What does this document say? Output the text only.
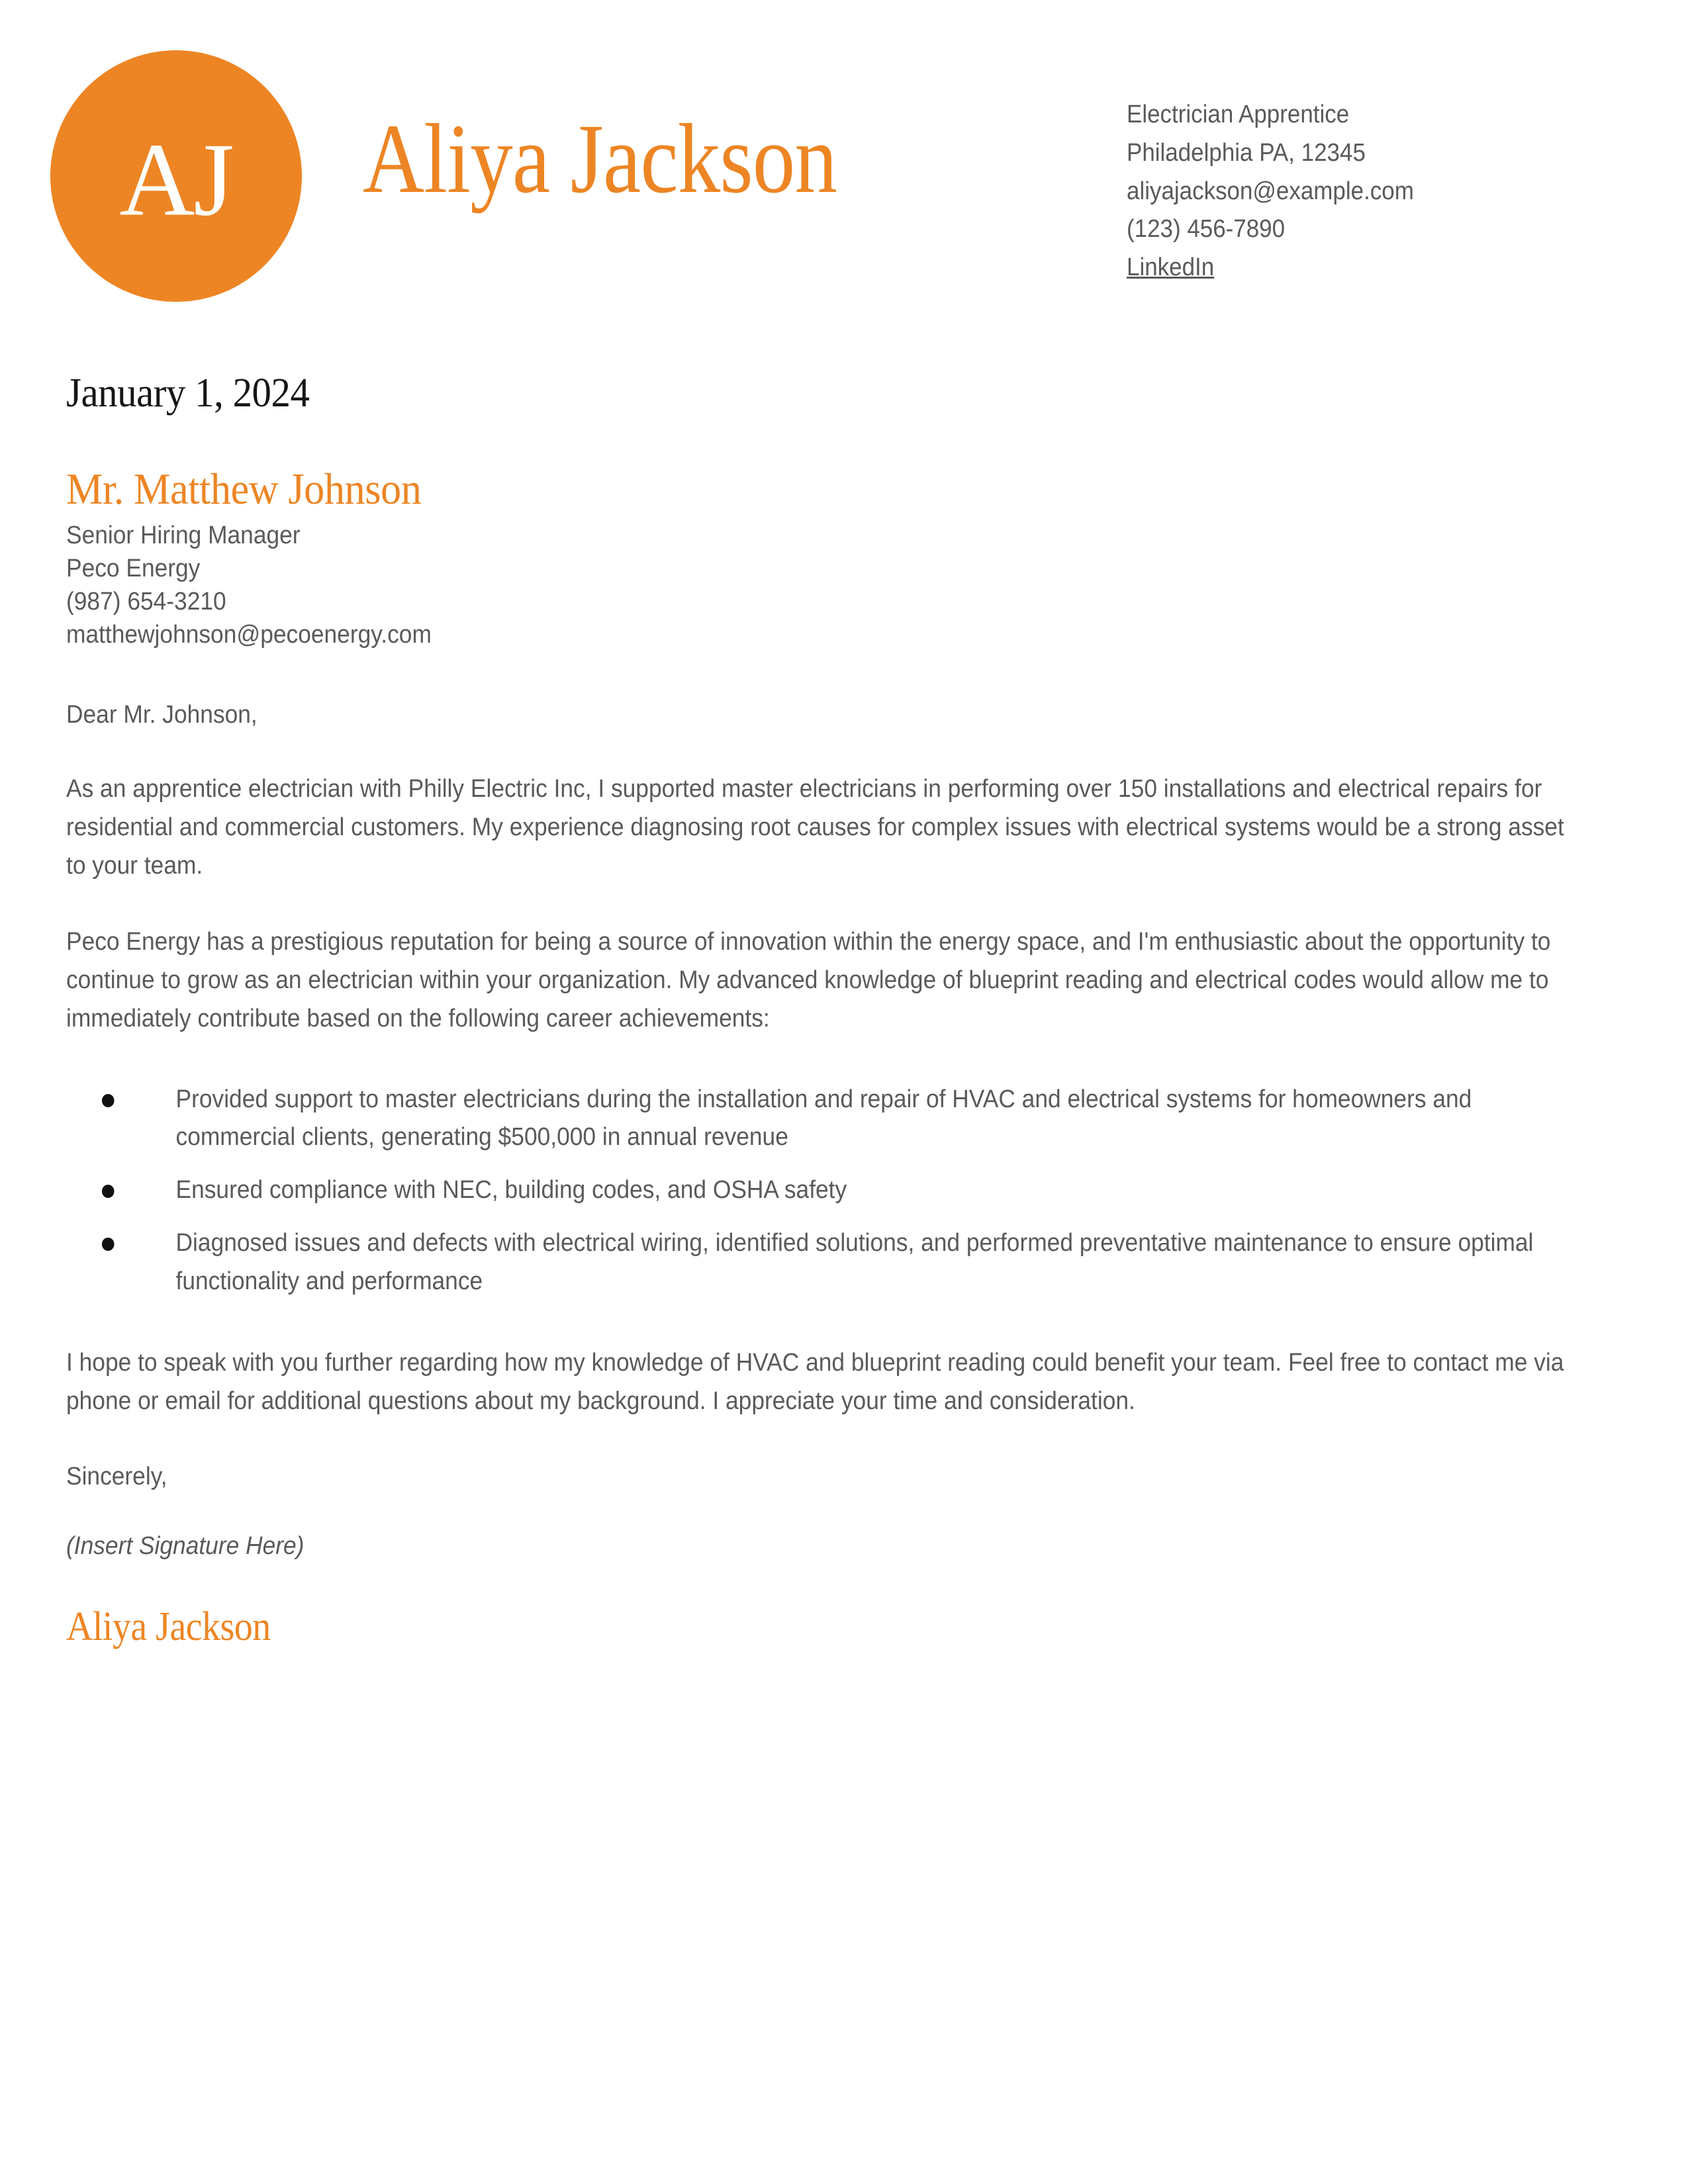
AJ	Aliya Jackson	Electrician Apprentice
Philadelphia PA, 12345
aliyajackson@example.com
(123) 456-7890
LinkedIn
January 1, 2024
Mr. Matthew Johnson
Senior Hiring Manager
Peco Energy
(987) 654-3210
matthewjohnson@pecoenergy.com
Dear Mr. Johnson,
As an apprentice electrician with Philly Electric Inc, I supported master electricians in performing over 150 installations and electrical repairs for residential and commercial customers. My experience diagnosing root causes for complex issues with electrical systems would be a strong asset to your team.
Peco Energy has a prestigious reputation for being a source of innovation within the energy space, and I'm enthusiastic about the opportunity to continue to grow as an electrician within your organization. My advanced knowledge of blueprint reading and electrical codes would allow me to immediately contribute based on the following career achievements:
Provided support to master electricians during the installation and repair of HVAC and electrical systems for homeowners and commercial clients, generating $500,000 in annual revenue
Ensured compliance with NEC, building codes, and OSHA safety
Diagnosed issues and defects with electrical wiring, identified solutions, and performed preventative maintenance to ensure optimal functionality and performance
I hope to speak with you further regarding how my knowledge of HVAC and blueprint reading could benefit your team. Feel free to contact me via phone or email for additional questions about my background. I appreciate your time and consideration.
Sincerely,
(Insert Signature Here)
Aliya Jackson
